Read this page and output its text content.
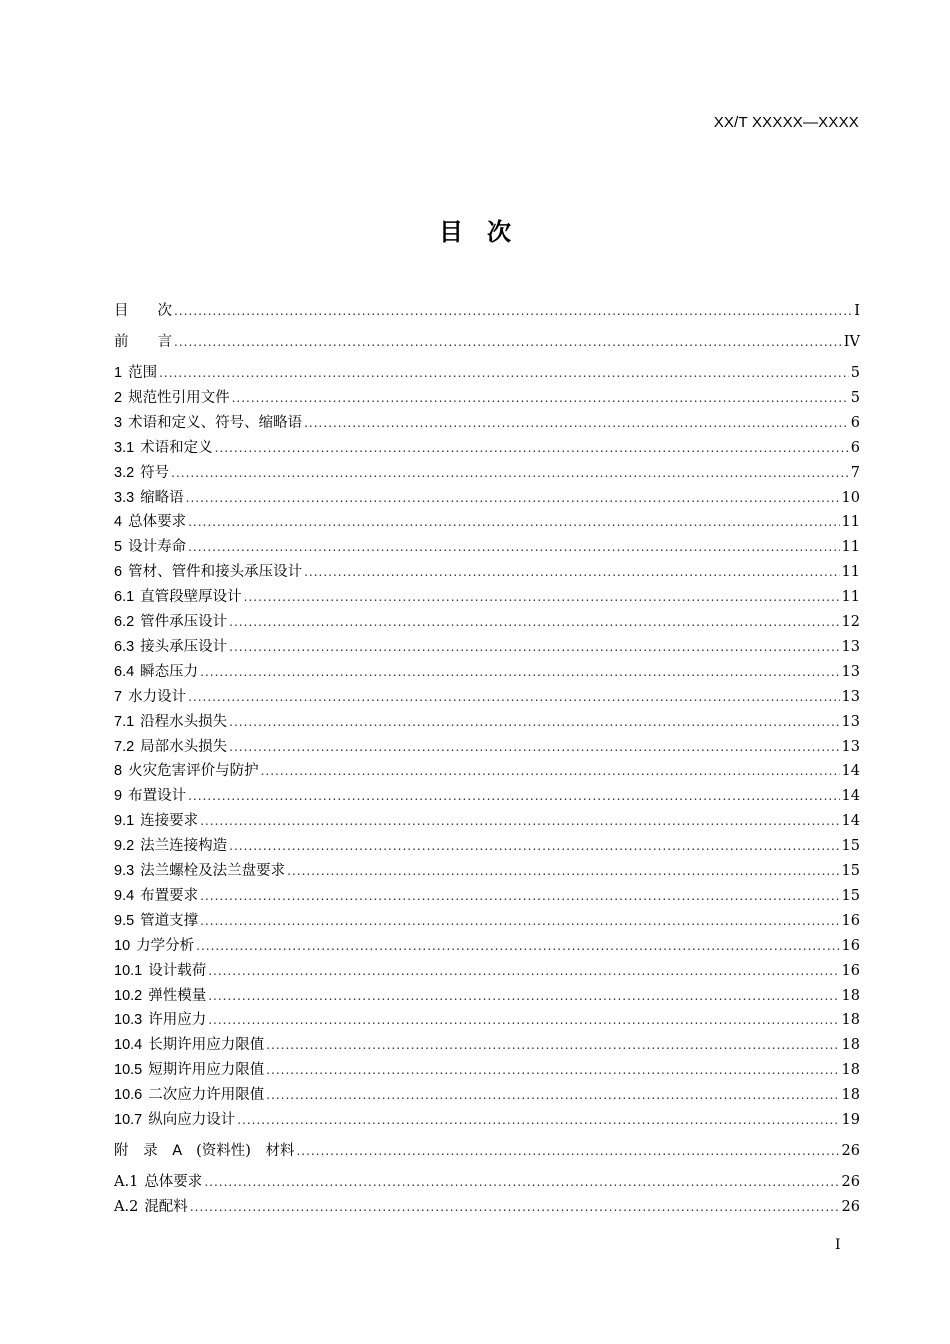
XX/T XXXXX—XXXX
目　次
目　　次 .....	I
前　　言 .....	IV
1 范围 .....	5
2 规范性引用文件 .....	5
3 术语和定义、符号、缩略语 .....	6
3.1 术语和定义 .....	6
3.2 符号 .....	7
3.3 缩略语 .....	10
4 总体要求 .....	11
5 设计寿命 .....	11
6 管材、管件和接头承压设计 .....	11
6.1 直管段壁厚设计 .....	11
6.2 管件承压设计 .....	12
6.3 接头承压设计 .....	13
6.4 瞬态压力 .....	13
7 水力设计 .....	13
7.1 沿程水头损失 .....	13
7.2 局部水头损失 .....	13
8 火灾危害评价与防护 .....	14
9 布置设计 .....	14
9.1 连接要求 .....	14
9.2 法兰连接构造 .....	15
9.3 法兰螺栓及法兰盘要求 .....	15
9.4 布置要求 .....	15
9.5 管道支撑 .....	16
10 力学分析 .....	16
10.1 设计载荷 .....	16
10.2 弹性模量 .....	18
10.3 许用应力 .....	18
10.4 长期许用应力限值 .....	18
10.5 短期许用应力限值 .....	18
10.6 二次应力许用限值 .....	18
10.7 纵向应力设计 .....	19
附 录 A (资料性)　材料 .....	26
A.1 总体要求 .....	26
A.2 混配料 .....	26
I
